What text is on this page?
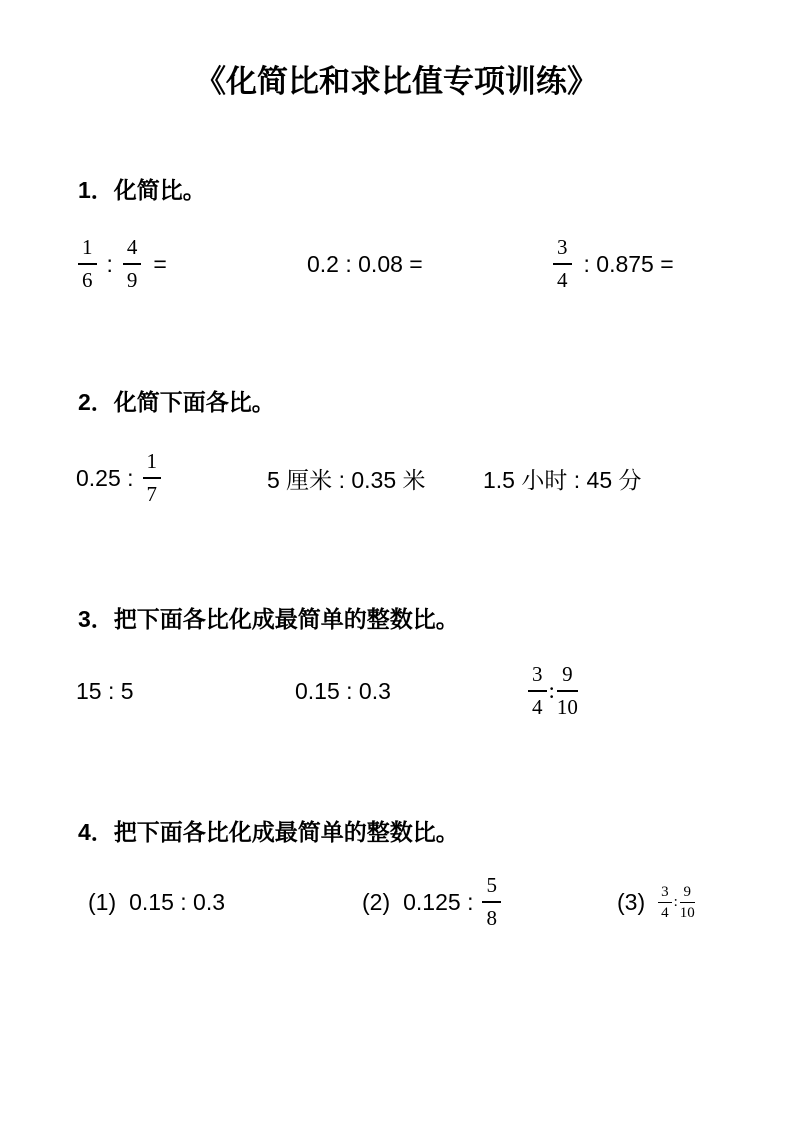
《化简比和求比值专项训练》
1．化简比。
$\frac{1}{6}$ : $\frac{4}{9}$ =	0.2 : 0.08 =	$\frac{3}{4}$ : 0.875 =
2．化简下面各比。
0.25 : $\frac{1}{7}$	5 厘米 : 0.35 米 1.5 小时 : 45 分
3．把下面各比化成最简单的整数比。
15 : 5	0.15 : 0.3	$\frac{3}{4}$ : $\frac{9}{10}$
4．把下面各比化成最简单的整数比。
(1) 0.15 : 0.3	(2) 0.125 : $\frac{5}{8}$	$(3) \frac{3}{4}$ : $\frac{9}{10}$
